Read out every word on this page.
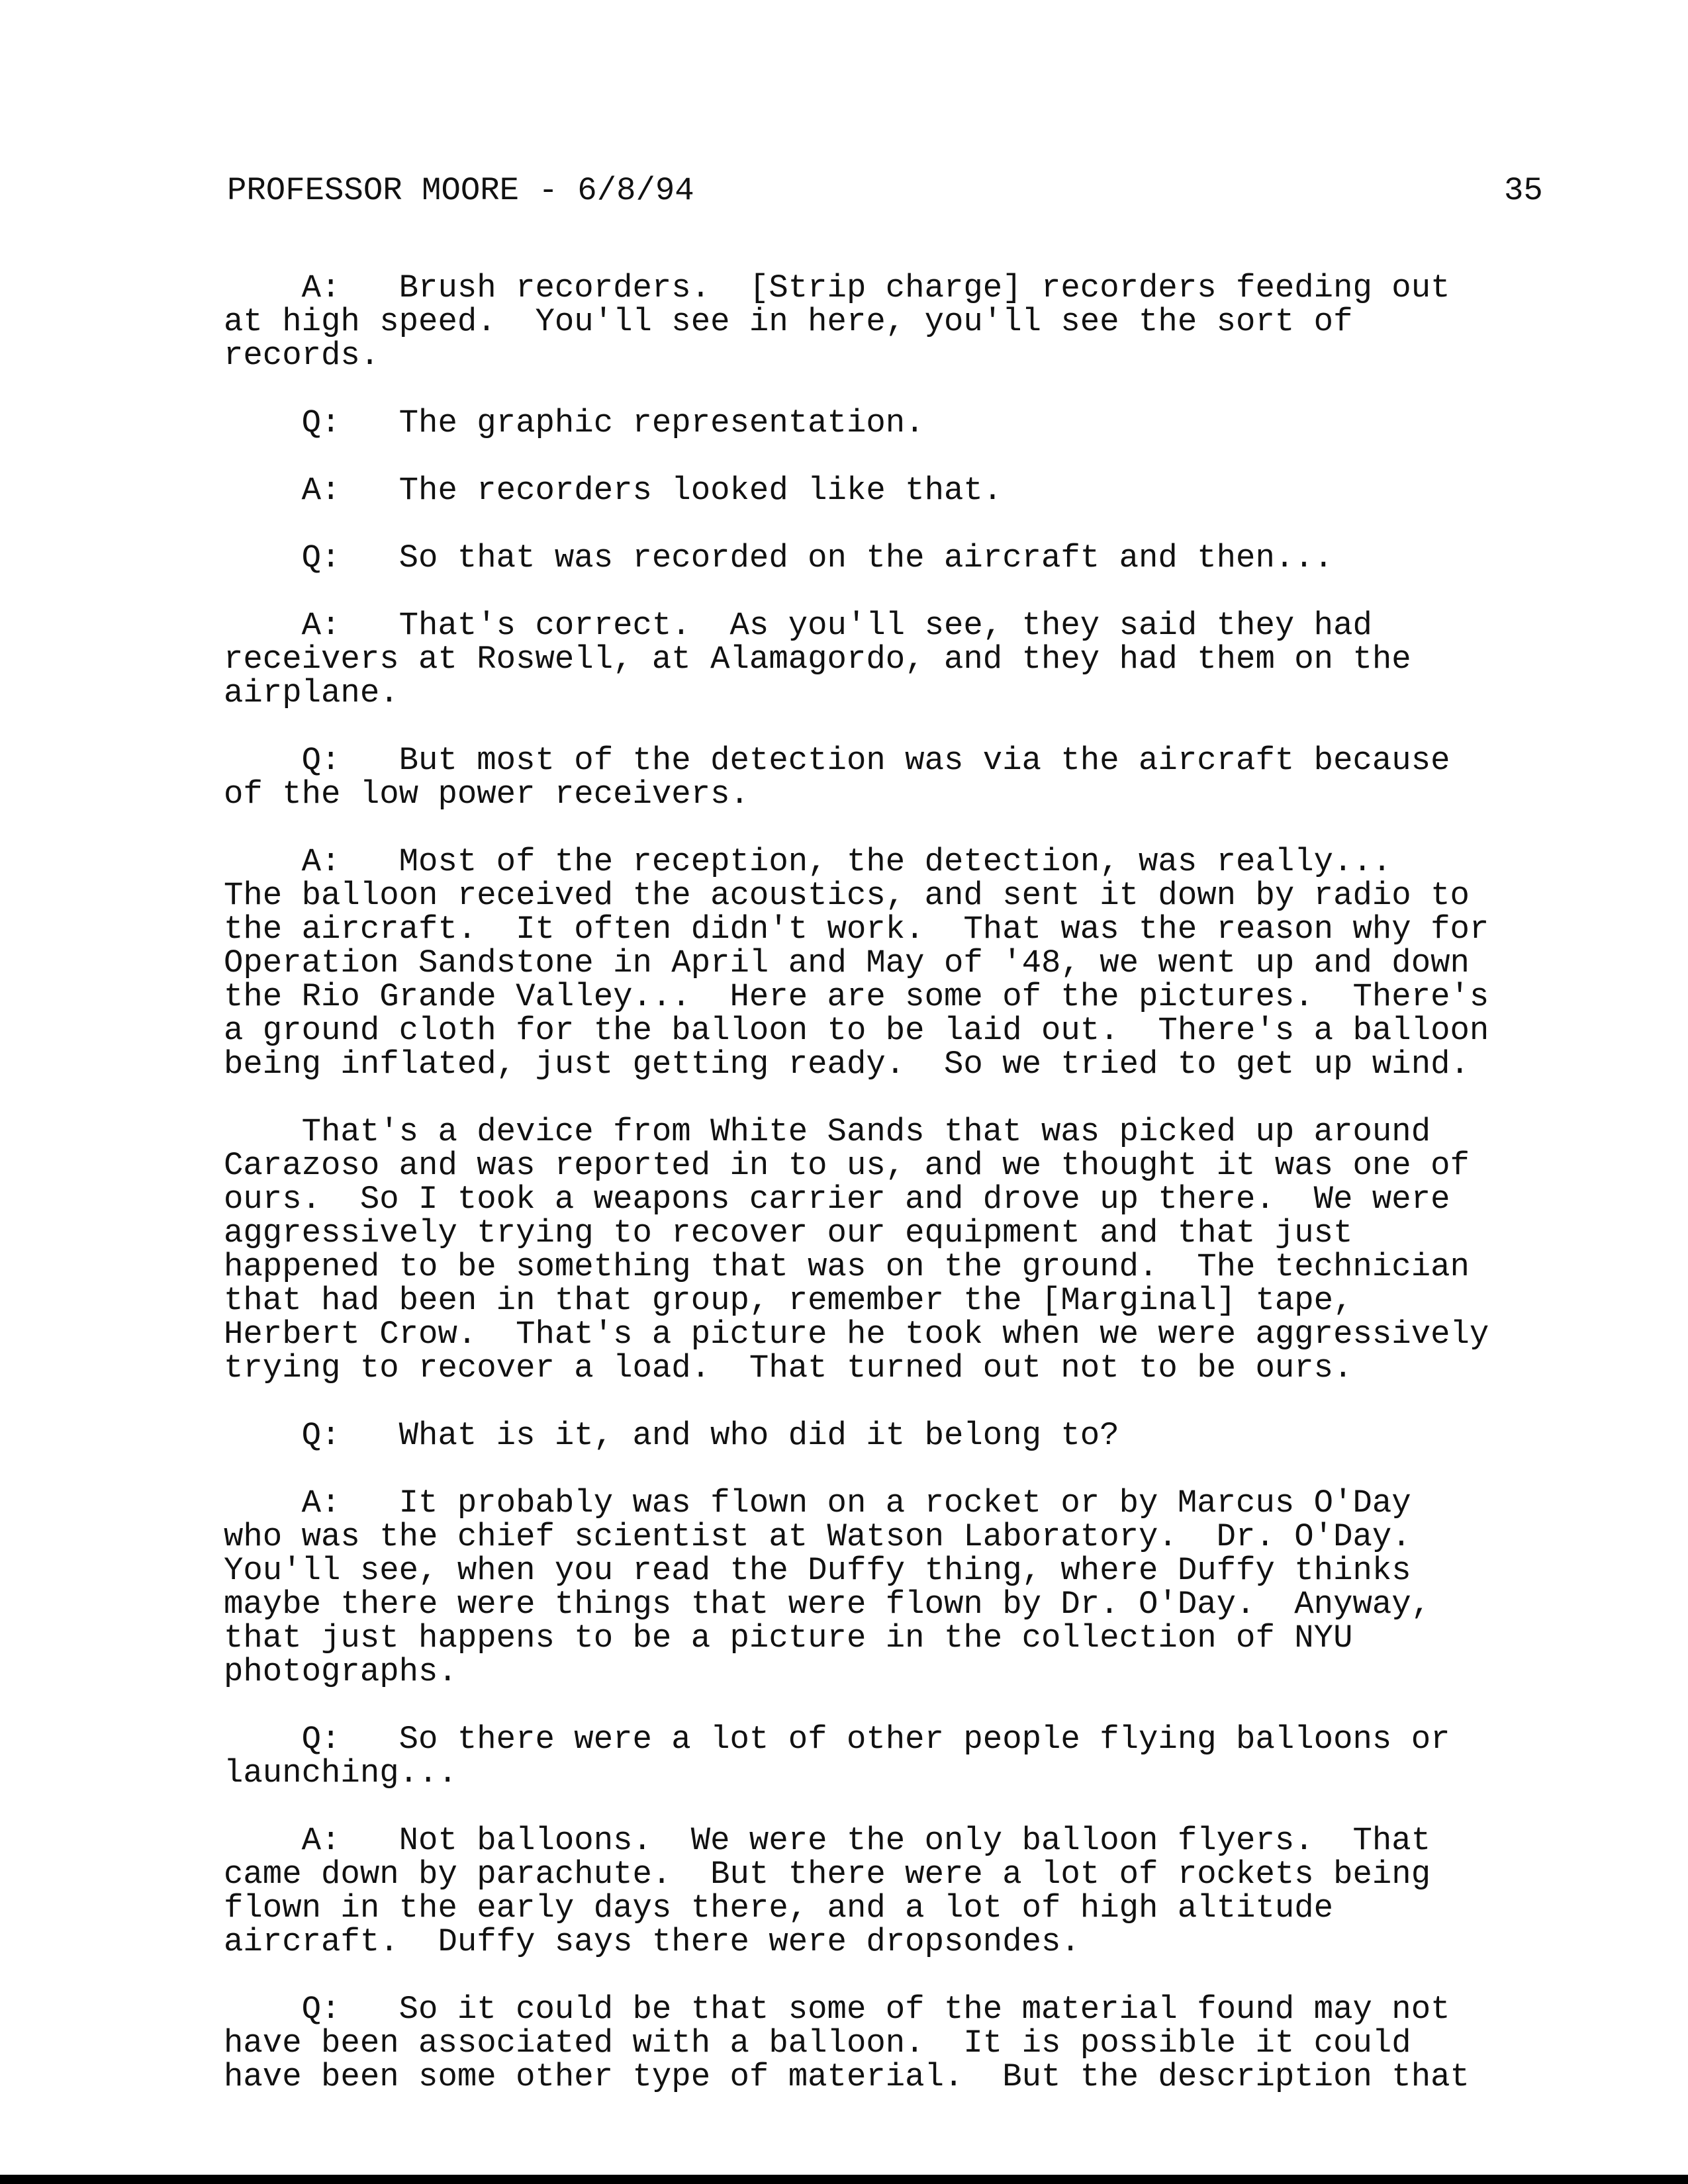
PROFESSOR MOORE - 6/8/94	35

A:   Brush recorders.  [Strip charge] recorders feeding out
at high speed.  You'll see in here, you'll see the sort of
records.

Q:   The graphic representation.

A:   The recorders looked like that.

Q:   So that was recorded on the aircraft and then...

A:   That's correct.  As you'll see, they said they had
receivers at Roswell, at Alamagordo, and they had them on the
airplane.

Q:   But most of the detection was via the aircraft because
of the low power receivers.

A:   Most of the reception, the detection, was really...
The balloon received the acoustics, and sent it down by radio to
the aircraft.  It often didn't work.  That was the reason why for
Operation Sandstone in April and May of '48, we went up and down
the Rio Grande Valley...  Here are some of the pictures.  There's
a ground cloth for the balloon to be laid out.  There's a balloon
being inflated, just getting ready.  So we tried to get up wind.

That's a device from White Sands that was picked up around
Carazoso and was reported in to us, and we thought it was one of
ours.  So I took a weapons carrier and drove up there.  We were
aggressively trying to recover our equipment and that just
happened to be something that was on the ground.  The technician
that had been in that group, remember the [Marginal] tape,
Herbert Crow.  That's a picture he took when we were aggressively
trying to recover a load.  That turned out not to be ours.

Q:   What is it, and who did it belong to?

A:   It probably was flown on a rocket or by Marcus O'Day
who was the chief scientist at Watson Laboratory.  Dr. O'Day.
You'll see, when you read the Duffy thing, where Duffy thinks
maybe there were things that were flown by Dr. O'Day.  Anyway,
that just happens to be a picture in the collection of NYU
photographs.

Q:   So there were a lot of other people flying balloons or
launching...

A:   Not balloons.  We were the only balloon flyers.  That
came down by parachute.  But there were a lot of rockets being
flown in the early days there, and a lot of high altitude
aircraft.  Duffy says there were dropsondes.

Q:   So it could be that some of the material found may not
have been associated with a balloon.  It is possible it could
have been some other type of material.  But the description that
